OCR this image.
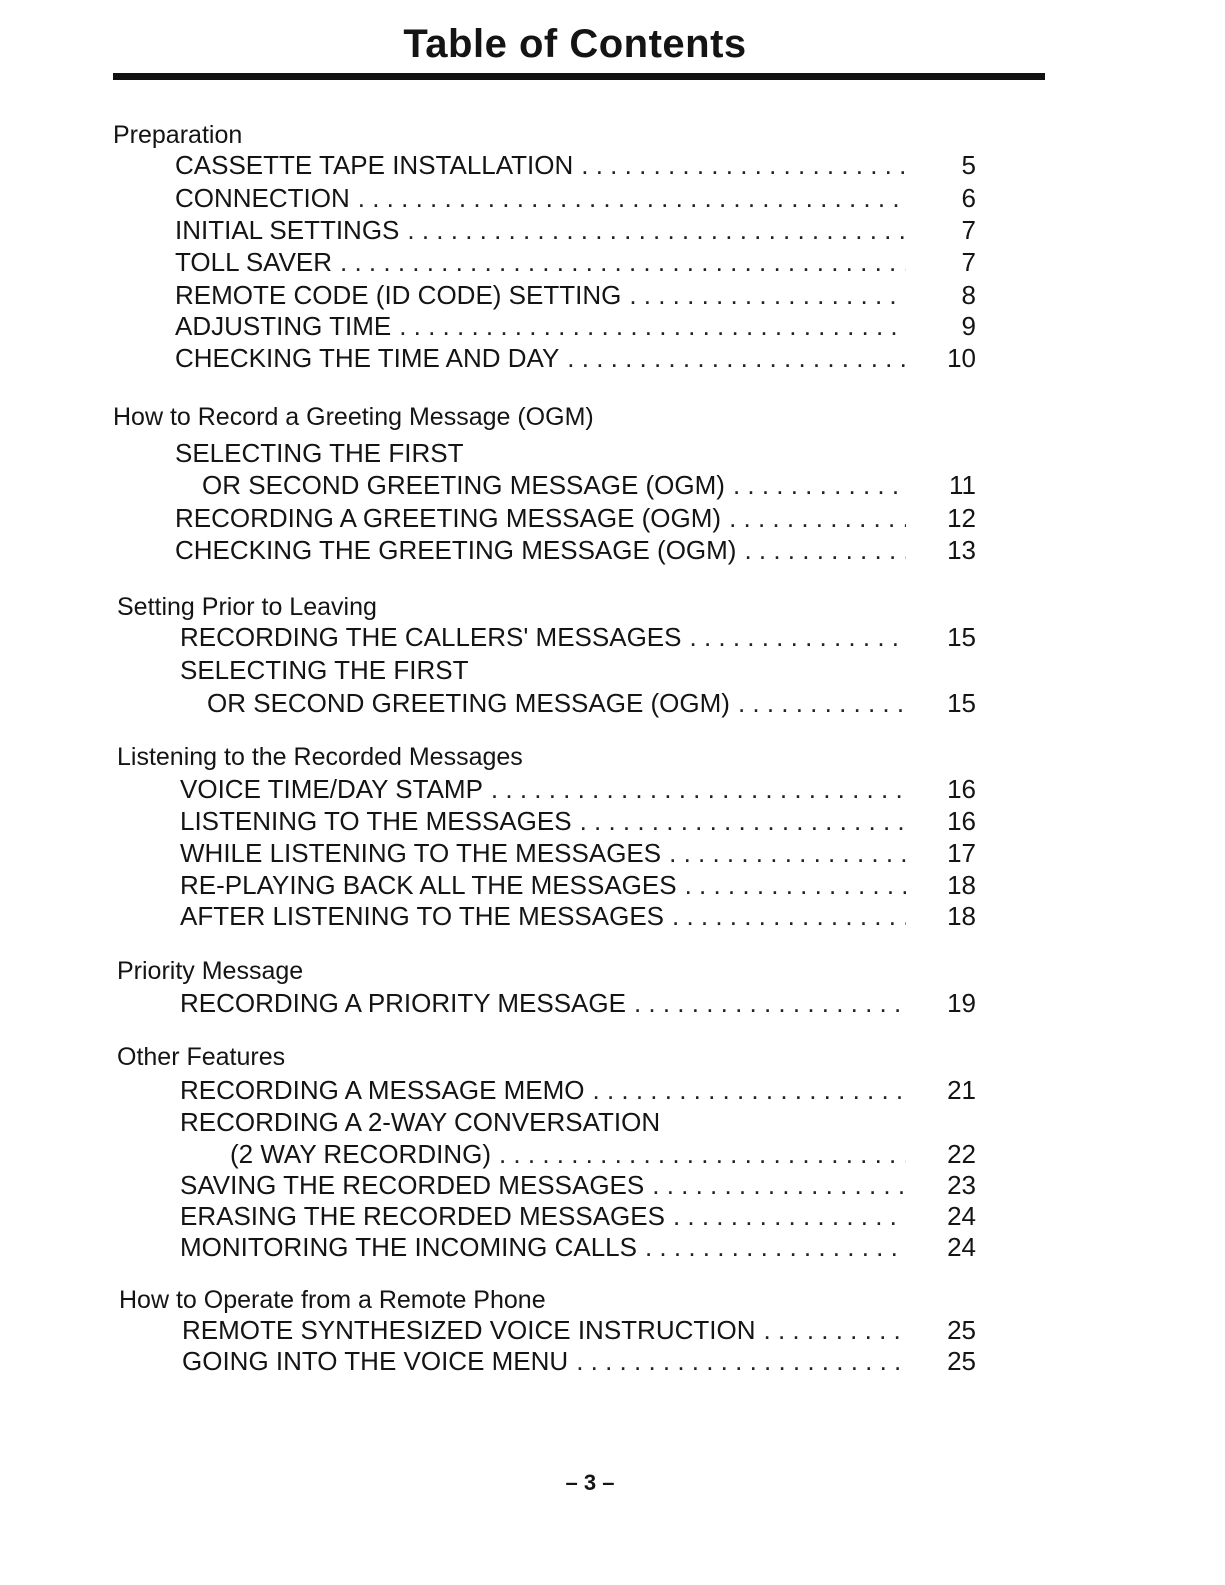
Table of Contents
Preparation
CASSETTE TAPE INSTALLATION . . .	5
CONNECTION . . .	6
INITIAL SETTINGS . . .	7
TOLL SAVER . . .	7
REMOTE CODE (ID CODE) SETTING . . .	8
ADJUSTING TIME . . .	9
CHECKING THE TIME AND DAY . . .	10
How to Record a Greeting Message (OGM)
SELECTING THE FIRST
OR SECOND GREETING MESSAGE (OGM) . . .	11
RECORDING A GREETING MESSAGE (OGM) . . .	12
CHECKING THE GREETING MESSAGE (OGM) . . .	13
Setting Prior to Leaving
RECORDING THE CALLERS' MESSAGES . . .	15
SELECTING THE FIRST
OR SECOND GREETING MESSAGE (OGM) . . .	15
Listening to the Recorded Messages
VOICE TIME/DAY STAMP . . .	16
LISTENING TO THE MESSAGES . . .	16
WHILE LISTENING TO THE MESSAGES . . .	17
RE-PLAYING BACK ALL THE MESSAGES . . .	18
AFTER LISTENING TO THE MESSAGES . . .	18
Priority Message
RECORDING A PRIORITY MESSAGE . . .	19
Other Features
RECORDING A MESSAGE MEMO . . .	21
RECORDING A 2-WAY CONVERSATION
(2 WAY RECORDING) . . .	22
SAVING THE RECORDED MESSAGES . . .	23
ERASING THE RECORDED MESSAGES . . .	24
MONITORING THE INCOMING CALLS . . .	24
How to Operate from a Remote Phone
REMOTE SYNTHESIZED VOICE INSTRUCTION . . .	25
GOING INTO THE VOICE MENU . . .	25
– 3 –
